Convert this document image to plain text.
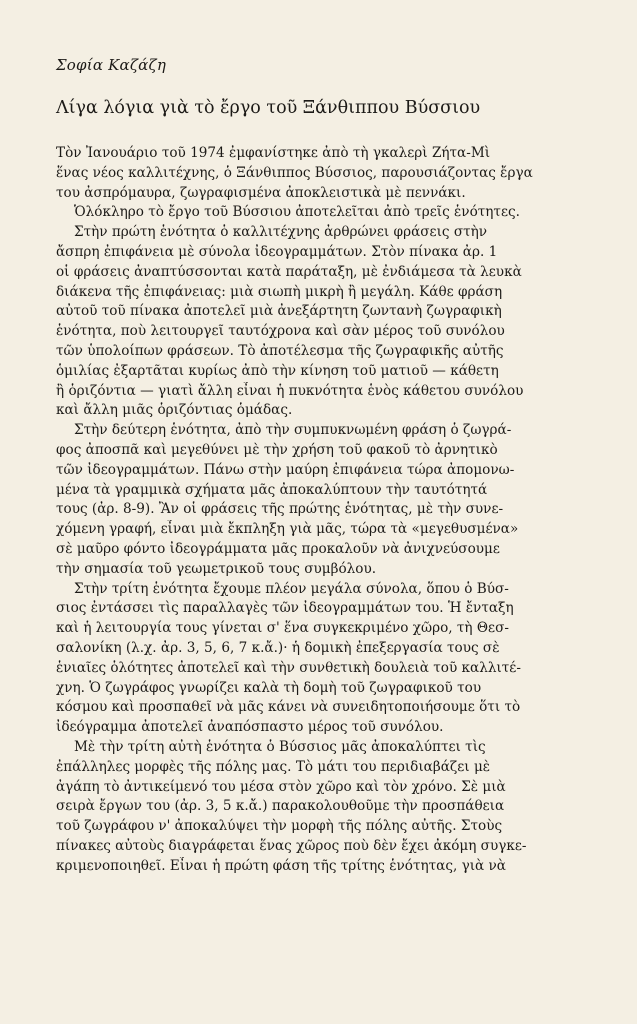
Σοφία Καζάζη
Λίγα λόγια γιὰ τὸ ἔργο τοῦ Ξάνθιππου Βύσσιου
Τὸν Ἰανουάριο τοῦ 1974 ἐμφανίστηκε ἀπὸ τὴ γκαλερὶ Ζήτα-Μὶ
ἕνας νέος καλλιτέχνης, ὁ Ξάνθιππος Βύσσιος, παρουσιάζοντας ἔργα
του ἀσπρόμαυρα, ζωγραφισμένα ἀποκλειστικὰ μὲ πεννάκι.
Ὁλόκληρο τὸ ἔργο τοῦ Βύσσιου ἀποτελεῖται ἀπὸ τρεῖς ἑνότητες.
Στὴν πρώτη ἑνότητα ὁ καλλιτέχνης ἀρθρώνει φράσεις στὴν
ἄσπρη ἐπιφάνεια μὲ σύνολα ἰδεογραμμάτων. Στὸν πίνακα ἀρ. 1
οἱ φράσεις ἀναπτύσσονται κατὰ παράταξη, μὲ ἐνδιάμεσα τὰ λευκὰ
διάκενα τῆς ἐπιφάνειας: μιὰ σιωπὴ μικρὴ ἢ μεγάλη. Κάθε φράση
αὐτοῦ τοῦ πίνακα ἀποτελεῖ μιὰ ἀνεξάρτητη ζωντανὴ ζωγραφικὴ
ἑνότητα, ποὺ λειτουργεῖ ταυτόχρονα καὶ σὰν μέρος τοῦ συνόλου
τῶν ὑπολοίπων φράσεων. Τὸ ἀποτέλεσμα τῆς ζωγραφικῆς αὐτῆς
ὁμιλίας ἐξαρτᾶται κυρίως ἀπὸ τὴν κίνηση τοῦ ματιοῦ — κάθετη
ἢ ὁριζόντια — γιατὶ ἄλλη εἶναι ἡ πυκνότητα ἑνὸς κάθετου συνόλου
καὶ ἄλλη μιᾶς ὁριζόντιας ὁμάδας.
Στὴν δεύτερη ἑνότητα, ἀπὸ τὴν συμπυκνωμένη φράση ὁ ζωγρά-
φος ἀποσπᾶ καὶ μεγεθύνει μὲ τὴν χρήση τοῦ φακοῦ τὸ ἀρνητικὸ
τῶν ἰδεογραμμάτων. Πάνω στὴν μαύρη ἐπιφάνεια τώρα ἀπομονω-
μένα τὰ γραμμικὰ σχήματα μᾶς ἀποκαλύπτουν τὴν ταυτότητά
τους (ἀρ. 8-9). Ἂν οἱ φράσεις τῆς πρώτης ἑνότητας, μὲ τὴν συνε-
χόμενη γραφή, εἶναι μιὰ ἔκπληξη γιὰ μᾶς, τώρα τὰ «μεγεθυσμένα»
σὲ μαῦρο φόντο ἰδεογράμματα μᾶς προκαλοῦν νὰ ἀνιχνεύσουμε
τὴν σημασία τοῦ γεωμετρικοῦ τους συμβόλου.
Στὴν τρίτη ἑνότητα ἔχουμε πλέον μεγάλα σύνολα, ὅπου ὁ Βύσ-
σιος ἐντάσσει τὶς παραλλαγὲς τῶν ἰδεογραμμάτων του. Ἡ ἔνταξη
καὶ ἡ λειτουργία τους γίνεται σ' ἕνα συγκεκριμένο χῶρο, τὴ Θεσ-
σαλονίκη (λ.χ. ἀρ. 3, 5, 6, 7 κ.ἄ.)· ἡ δομικὴ ἐπεξεργασία τους σὲ
ἑνιαῖες ὁλότητες ἀποτελεῖ καὶ τὴν συνθετικὴ δουλειὰ τοῦ καλλιτέ-
χνη. Ὁ ζωγράφος γνωρίζει καλὰ τὴ δομὴ τοῦ ζωγραφικοῦ του
κόσμου καὶ προσπαθεῖ νὰ μᾶς κάνει νὰ συνειδητοποιήσουμε ὅτι τὸ
ἰδεόγραμμα ἀποτελεῖ ἀναπόσπαστο μέρος τοῦ συνόλου.
Μὲ τὴν τρίτη αὐτὴ ἑνότητα ὁ Βύσσιος μᾶς ἀποκαλύπτει τὶς
ἐπάλληλες μορφὲς τῆς πόλης μας. Τὸ μάτι του περιδιαβάζει μὲ
ἀγάπη τὸ ἀντικείμενό του μέσα στὸν χῶρο καὶ τὸν χρόνο. Σὲ μιὰ
σειρὰ ἔργων του (ἀρ. 3, 5 κ.ἄ.) παρακολουθοῦμε τὴν προσπάθεια
τοῦ ζωγράφου ν' ἀποκαλύψει τὴν μορφὴ τῆς πόλης αὐτῆς. Στοὺς
πίνακες αὐτοὺς διαγράφεται ἕνας χῶρος ποὺ δὲν ἔχει ἀκόμη συγκε-
κριμενοποιηθεῖ. Εἶναι ἡ πρώτη φάση τῆς τρίτης ἑνότητας, γιὰ νὰ
